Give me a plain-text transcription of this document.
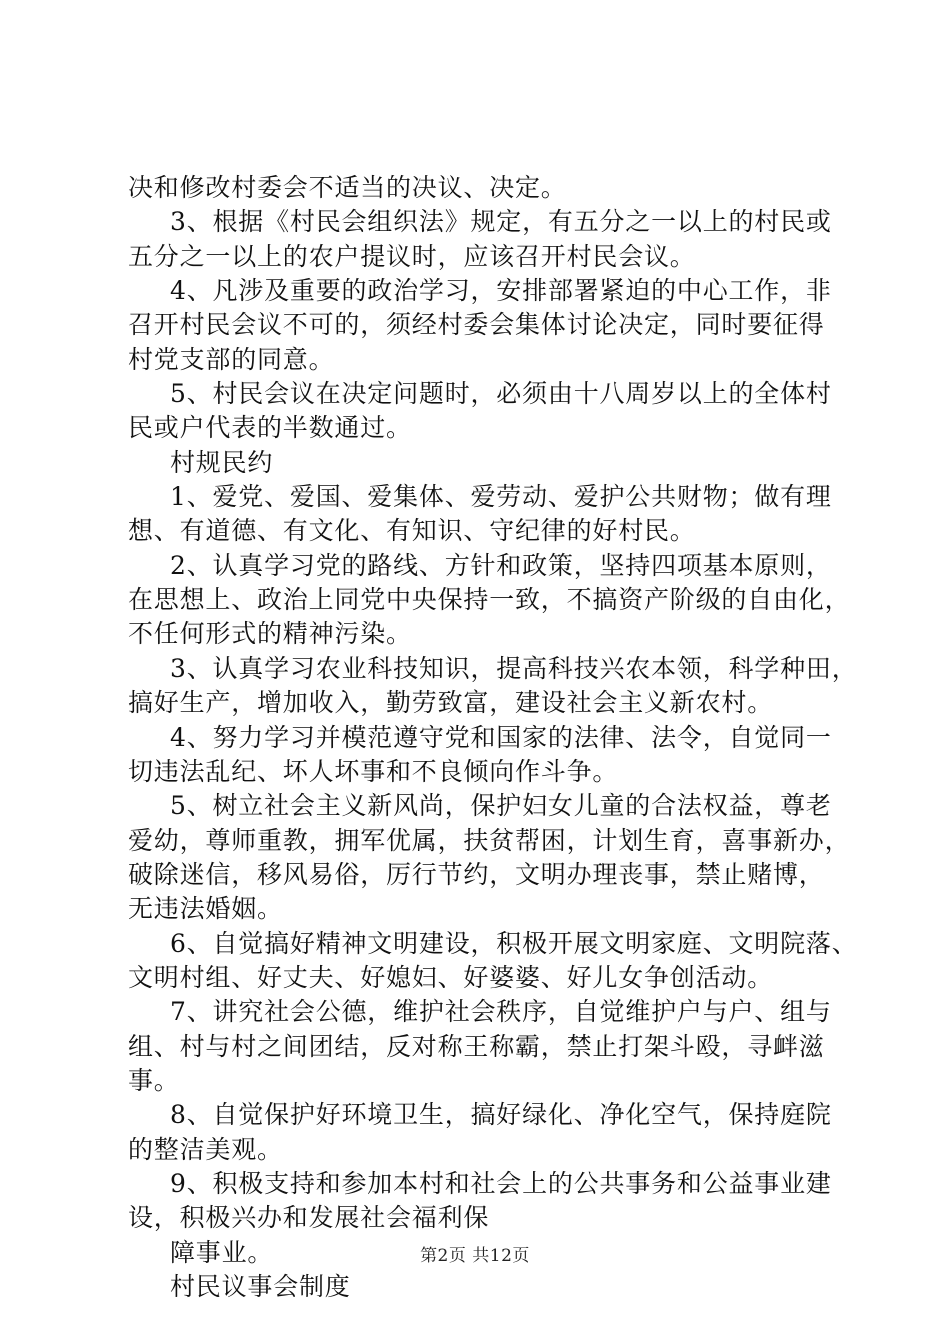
决和修改村委会不适当的决议、决定。

3、根据《村民会组织法》规定，有五分之一以上的村民或

五分之一以上的农户提议时，应该召开村民会议。

4、凡涉及重要的政治学习，安排部署紧迫的中心工作，非

召开村民会议不可的，须经村委会集体讨论决定，同时要征得

村党支部的同意。

5、村民会议在决定问题时，必须由十八周岁以上的全体村

民或户代表的半数通过。

村规民约

1、爱党、爱国、爱集体、爱劳动、爱护公共财物；做有理

想、有道德、有文化、有知识、守纪律的好村民。

2、认真学习党的路线、方针和政策，坚持四项基本原则，

在思想上、政治上同党中央保持一致，不搞资产阶级的自由化，

不任何形式的精神污染。

3、认真学习农业科技知识，提高科技兴农本领，科学种田，

搞好生产，增加收入，勤劳致富，建设社会主义新农村。

4、努力学习并模范遵守党和国家的法律、法令，自觉同一

切违法乱纪、坏人坏事和不良倾向作斗争。

5、树立社会主义新风尚，保护妇女儿童的合法权益，尊老

爱幼，尊师重教，拥军优属，扶贫帮困，计划生育，喜事新办，

破除迷信，移风易俗，厉行节约，文明办理丧事，禁止赌博，

无违法婚姻。

6、自觉搞好精神文明建设，积极开展文明家庭、文明院落、

文明村组、好丈夫、好媳妇、好婆婆、好儿女争创活动。

7、讲究社会公德，维护社会秩序，自觉维护户与户、组与

组、村与村之间团结，反对称王称霸，禁止打架斗殴，寻衅滋

事。

8、自觉保护好环境卫生，搞好绿化、净化空气，保持庭院

的整洁美观。

9、积极支持和参加本村和社会上的公共事务和公益事业建

设，积极兴办和发展社会福利保

障事业。

村民议事会制度

第2页 共12页
